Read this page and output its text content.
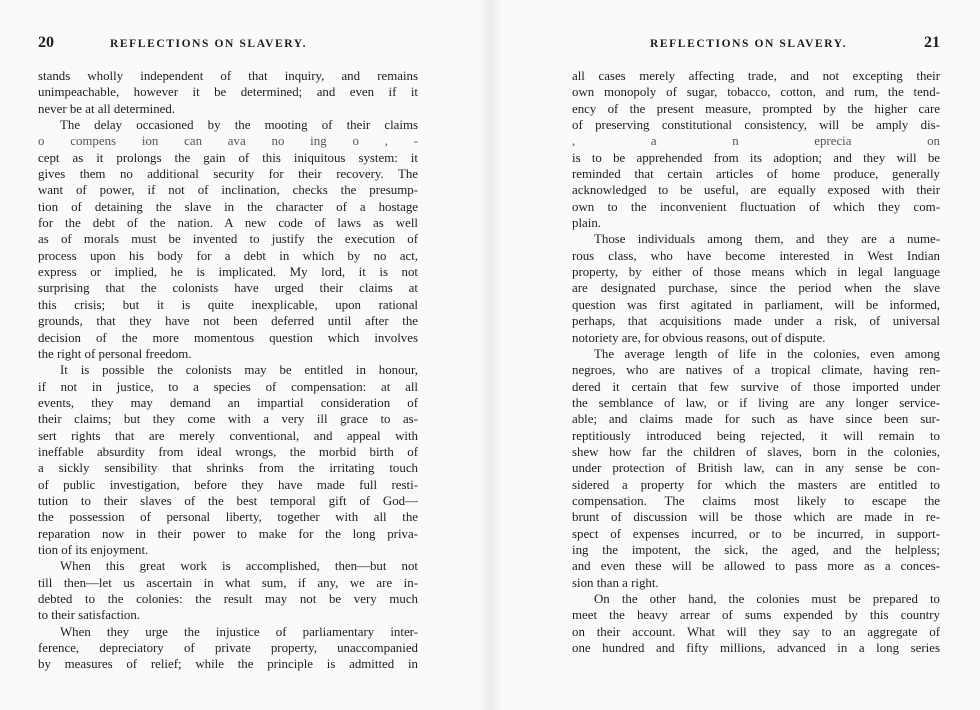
20	REFLECTIONS ON SLAVERY.
stands wholly independent of that inquiry, and remains
unimpeachable, however it be determined; and even if it
never be at all determined.
The delay occasioned by the mooting of their claims
o compens ion can ava no ing o , -
cept as it prolongs the gain of this iniquitous system: it
gives them no additional security for their recovery. The
want of power, if not of inclination, checks the presump-
tion of detaining the slave in the character of a hostage
for the debt of the nation. A new code of laws as well
as of morals must be invented to justify the execution of
process upon his body for a debt in which by no act,
express or implied, he is implicated. My lord, it is not
surprising that the colonists have urged their claims at
this crisis; but it is quite inexplicable, upon rational
grounds, that they have not been deferred until after the
decision of the more momentous question which involves
the right of personal freedom.
It is possible the colonists may be entitled in honour,
if not in justice, to a species of compensation: at all
events, they may demand an impartial consideration of
their claims; but they come with a very ill grace to as-
sert rights that are merely conventional, and appeal with
ineffable absurdity from ideal wrongs, the morbid birth of
a sickly sensibility that shrinks from the irritating touch
of public investigation, before they have made full resti-
tution to their slaves of the best temporal gift of God—
the possession of personal liberty, together with all the
reparation now in their power to make for the long priva-
tion of its enjoyment.
When this great work is accomplished, then—but not
till then—let us ascertain in what sum, if any, we are in-
debted to the colonies: the result may not be very much
to their satisfaction.
When they urge the injustice of parliamentary inter-
ference, depreciatory of private property, unaccompanied
by measures of relief; while the principle is admitted in
REFLECTIONS ON SLAVERY.	21
all cases merely affecting trade, and not excepting their
own monopoly of sugar, tobacco, cotton, and rum, the tend-
ency of the present measure, prompted by the higher care
of preserving constitutional consistency, will be amply dis-
, a n eprecia on
is to be apprehended from its adoption; and they will be
reminded that certain articles of home produce, generally
acknowledged to be useful, are equally exposed with their
own to the inconvenient fluctuation of which they com-
plain.
Those individuals among them, and they are a nume-
rous class, who have become interested in West Indian
property, by either of those means which in legal language
are designated purchase, since the period when the slave
question was first agitated in parliament, will be informed,
perhaps, that acquisitions made under a risk, of universal
notoriety are, for obvious reasons, out of dispute.
The average length of life in the colonies, even among
negroes, who are natives of a tropical climate, having ren-
dered it certain that few survive of those imported under
the semblance of law, or if living are any longer service-
able; and claims made for such as have since been sur-
reptitiously introduced being rejected, it will remain to
shew how far the children of slaves, born in the colonies,
under protection of British law, can in any sense be con-
sidered a property for which the masters are entitled to
compensation. The claims most likely to escape the
brunt of discussion will be those which are made in re-
spect of expenses incurred, or to be incurred, in support-
ing the impotent, the sick, the aged, and the helpless;
and even these will be allowed to pass more as a conces-
sion than a right.
On the other hand, the colonies must be prepared to
meet the heavy arrear of sums expended by this country
on their account. What will they say to an aggregate of
one hundred and fifty millions, advanced in a long series
